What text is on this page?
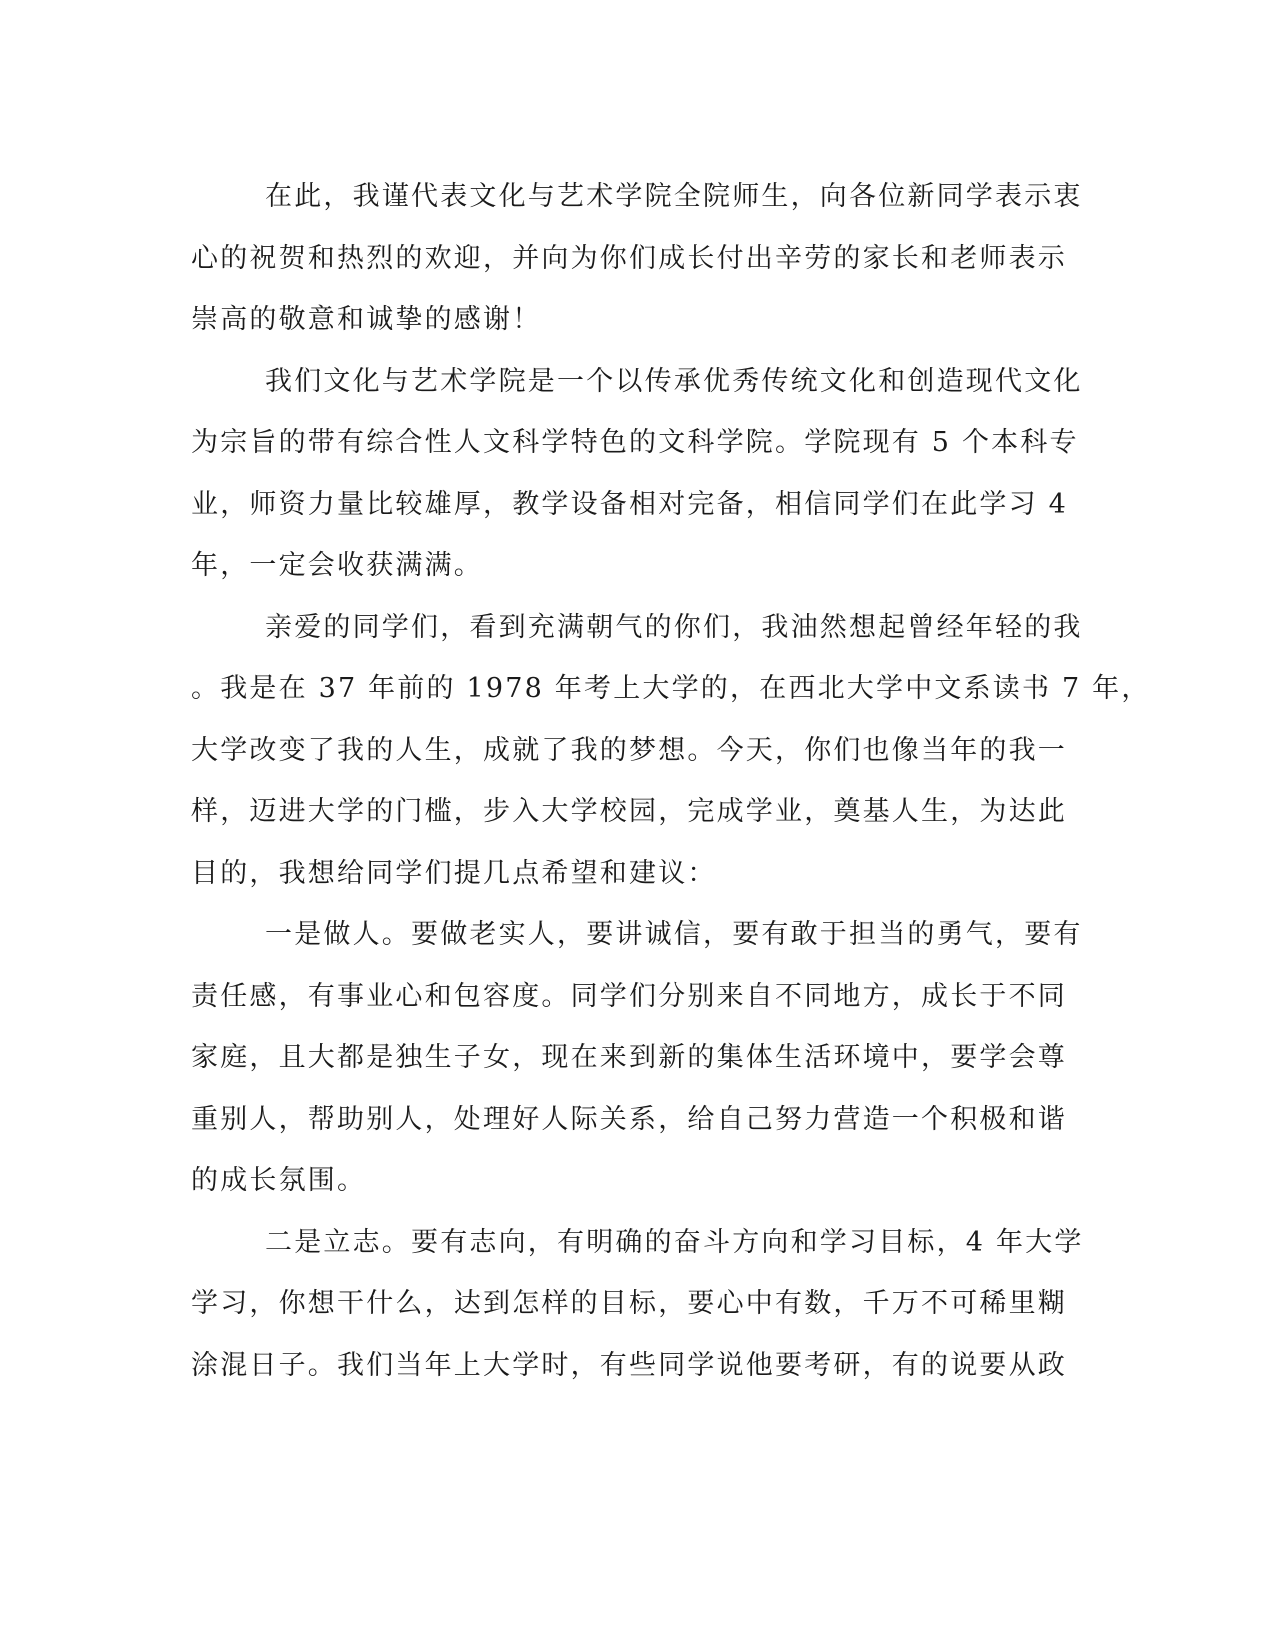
在此，我谨代表文化与艺术学院全院师生，向各位新同学表示衷
心的祝贺和热烈的欢迎，并向为你们成长付出辛劳的家长和老师表示
崇高的敬意和诚挚的感谢！
我们文化与艺术学院是一个以传承优秀传统文化和创造现代文化
为宗旨的带有综合性人文科学特色的文科学院。学院现有 5 个本科专
业，师资力量比较雄厚，教学设备相对完备，相信同学们在此学习 4
年，一定会收获满满。
亲爱的同学们，看到充满朝气的你们，我油然想起曾经年轻的我
。我是在 37 年前的 1978 年考上大学的，在西北大学中文系读书 7 年，
大学改变了我的人生，成就了我的梦想。今天，你们也像当年的我一
样，迈进大学的门槛，步入大学校园，完成学业，奠基人生，为达此
目的，我想给同学们提几点希望和建议：
一是做人。要做老实人，要讲诚信，要有敢于担当的勇气，要有
责任感，有事业心和包容度。同学们分别来自不同地方，成长于不同
家庭，且大都是独生子女，现在来到新的集体生活环境中，要学会尊
重别人，帮助别人，处理好人际关系，给自己努力营造一个积极和谐
的成长氛围。
二是立志。要有志向，有明确的奋斗方向和学习目标，4 年大学
学习，你想干什么，达到怎样的目标，要心中有数，千万不可稀里糊
涂混日子。我们当年上大学时，有些同学说他要考研，有的说要从政
